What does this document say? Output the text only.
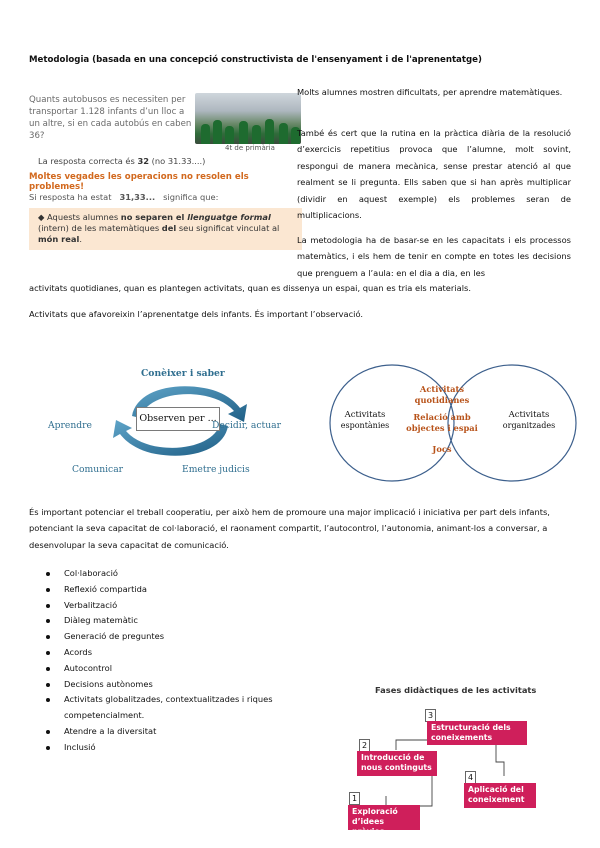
Metodologia (basada en una concepció constructivista de l'ensenyament i de l'aprenentatge)
Quants autobusos es necessiten per transportar 1.128 infants d’un lloc a un altre, si en cada autobús en caben 36?
4t de primària
La resposta correcta és 32 (no 31.33....)
Moltes vegades les operacions no resolen els problemes!
Si resposta ha estat 31,33... significa que:
◆ Aquests alumnes no separen el llenguatge formal (intern) de les matemàtiques del seu significat vinculat al món real.
Molts alumnes mostren dificultats, per aprendre matemàtiques.
També és cert que la rutina en la pràctica diària de la resolució d’exercicis repetitius provoca que l’alumne, molt sovint, respongui de manera mecànica, sense prestar atenció al que realment se li pregunta. Ells saben que si han après multiplicar (dividir en aquest exemple) els problemes seran de multiplicacions.
La metodologia ha de basar-se en les capacitats i els processos matemàtics, i els hem de tenir en compte en totes les decisions que prenguem a l’aula: en el dia a dia, en les
activitats quotidianes, quan es plantegen activitats, quan es dissenya un espai, quan es tria els materials.
Activitats que afavoreixin l’aprenentatge dels infants. És important l’observació.
Observen per ...
Conèixer i saber
Aprendre	Decidir, actuar
Comunicar	Emetre judicis
Activitats
espontànies
Activitats
organitzades
Activitats
quotidianes
Relació amb
objectes i espai
Jocs
És important potenciar el treball cooperatiu, per això hem de promoure una major implicació i iniciativa per part dels infants, potenciant la seva capacitat de col·laboració, el raonament compartit, l’autocontrol, l’autonomia, animant-los a conversar, a desenvolupar la seva capacitat de comunicació.
Col·laboració
Reflexió compartida
Verbalització
Diàleg matemàtic
Generació de preguntes
Acords
Autocontrol
Decisions autònomes
Activitats globalitzades, contextualitzades i riques competencialment.
Atendre a la diversitat
Inclusió
Fases didàctiques de les activitats
1
Exploració
d’idees prèvies
2
Introducció de
nous continguts
3
Estructuració dels
coneixements
4
Aplicació del
coneixement
